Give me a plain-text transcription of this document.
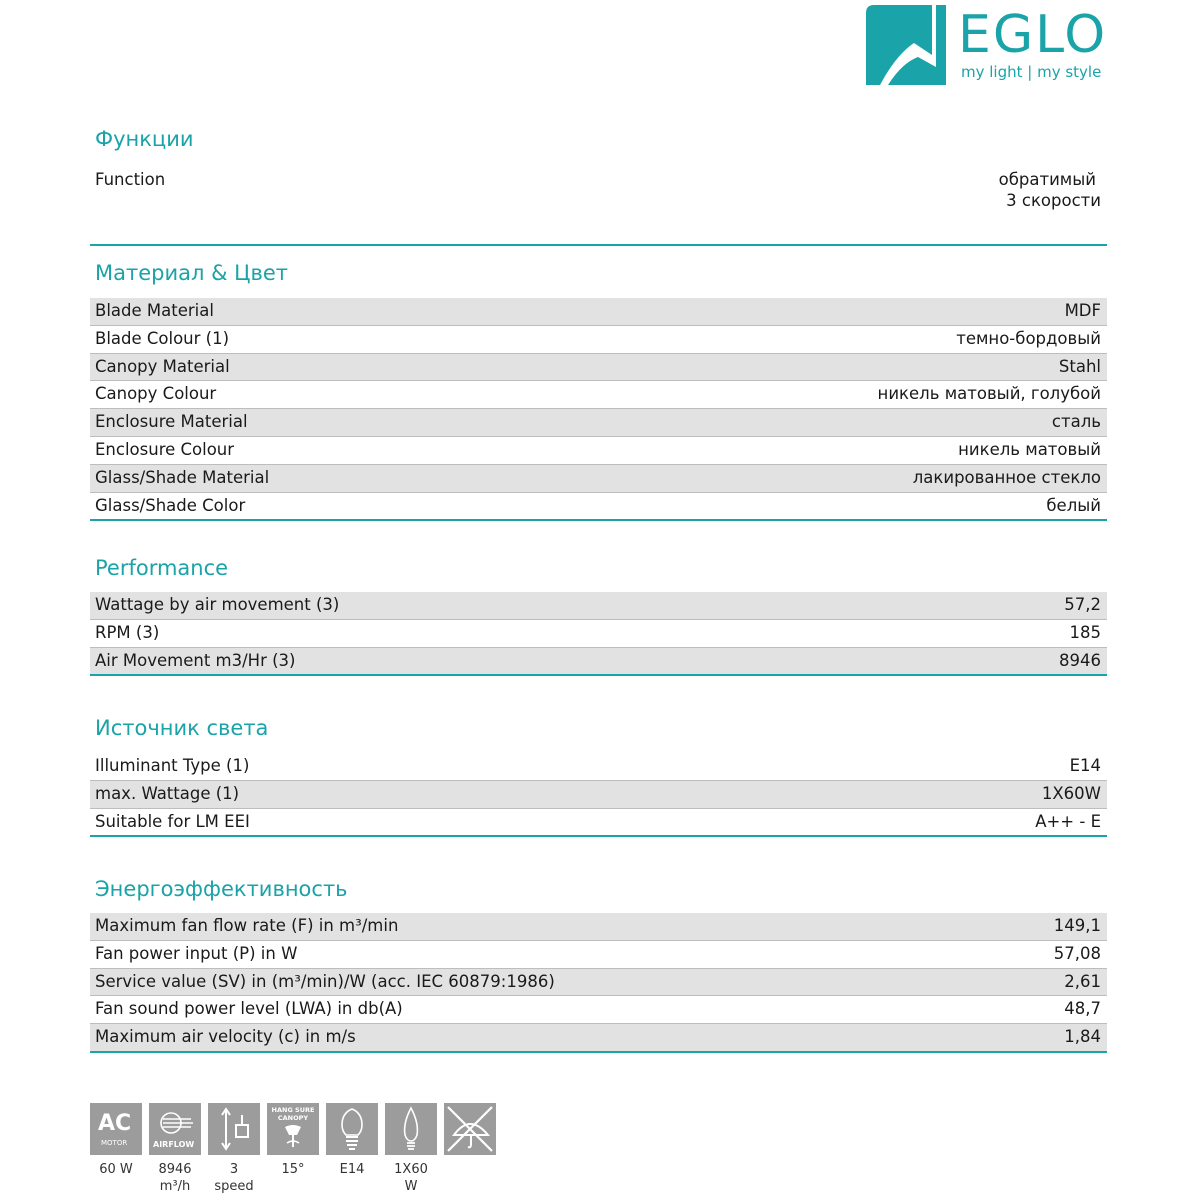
EGLO
my light | my style
Функции
Function	обратимый
3 скорости
Материал & Цвет
Blade Material	MDF
Blade Colour (1)	темно-бордовый
Canopy Material	Stahl
Canopy Colour	никель матовый, голубой
Enclosure Material	сталь
Enclosure Colour	никель матовый
Glass/Shade Material	лакированное стекло
Glass/Shade Color	белый
Performance
Wattage by air movement (3)	57,2
RPM (3)	185
Air Movement m3/Hr (3)	8946
Источник света
Illuminant Type (1)	E14
max. Wattage (1)	1X60W
Suitable for LM EEI	A++ - E
Энергоэффективность
Maximum fan flow rate (F) in m³/min	149,1
Fan power input (P) in W	57,08
Service value (SV) in (m³/min)/W (acc. IEC 60879:1986)	2,61
Fan sound power level (LWA) in db(A)	48,7
Maximum air velocity (c) in m/s	1,84
AC
MOTOR
60 W
AIRFLOW
8946
m³/h
3
speed
HANG SURE CANOPY
15°	E14	1X60
W
